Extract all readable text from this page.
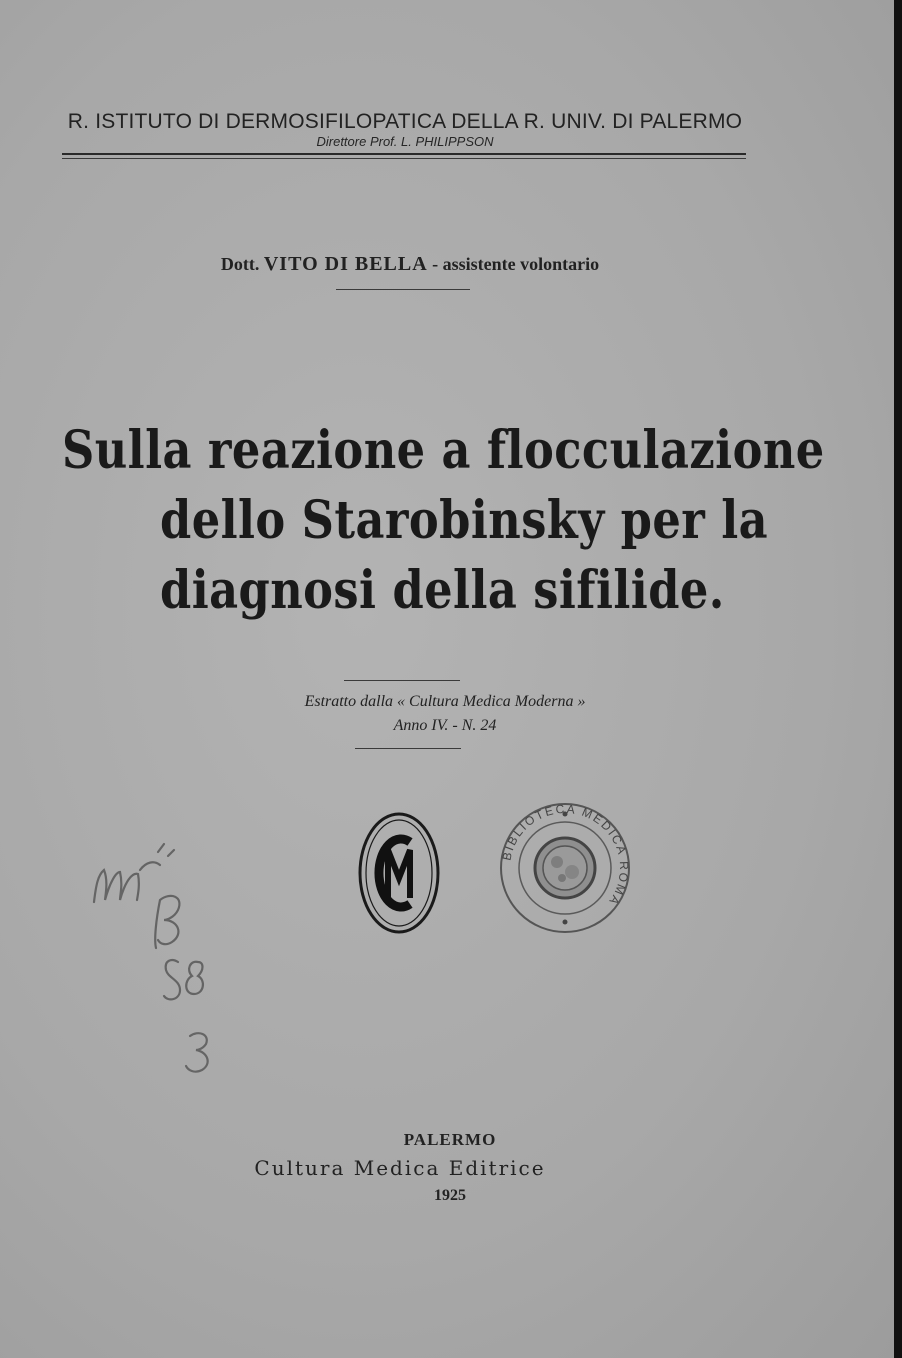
R. ISTITUTO DI DERMOSIFILOPATICA DELLA R. UNIV. DI PALERMO
Direttore Prof. L. PHILIPPSON
Dott. VITO DI BELLA - assistente volontario
Sulla reazione a flocculazione
dello Starobinsky per la
diagnosi della sifilide.
Estratto dalla « Cultura Medica Moderna »
Anno IV. - N. 24
CM
BIBLIOTECA MEDICA ROMA
m / B / 58 / 3
PALERMO
Cultura Medica Editrice
1925
